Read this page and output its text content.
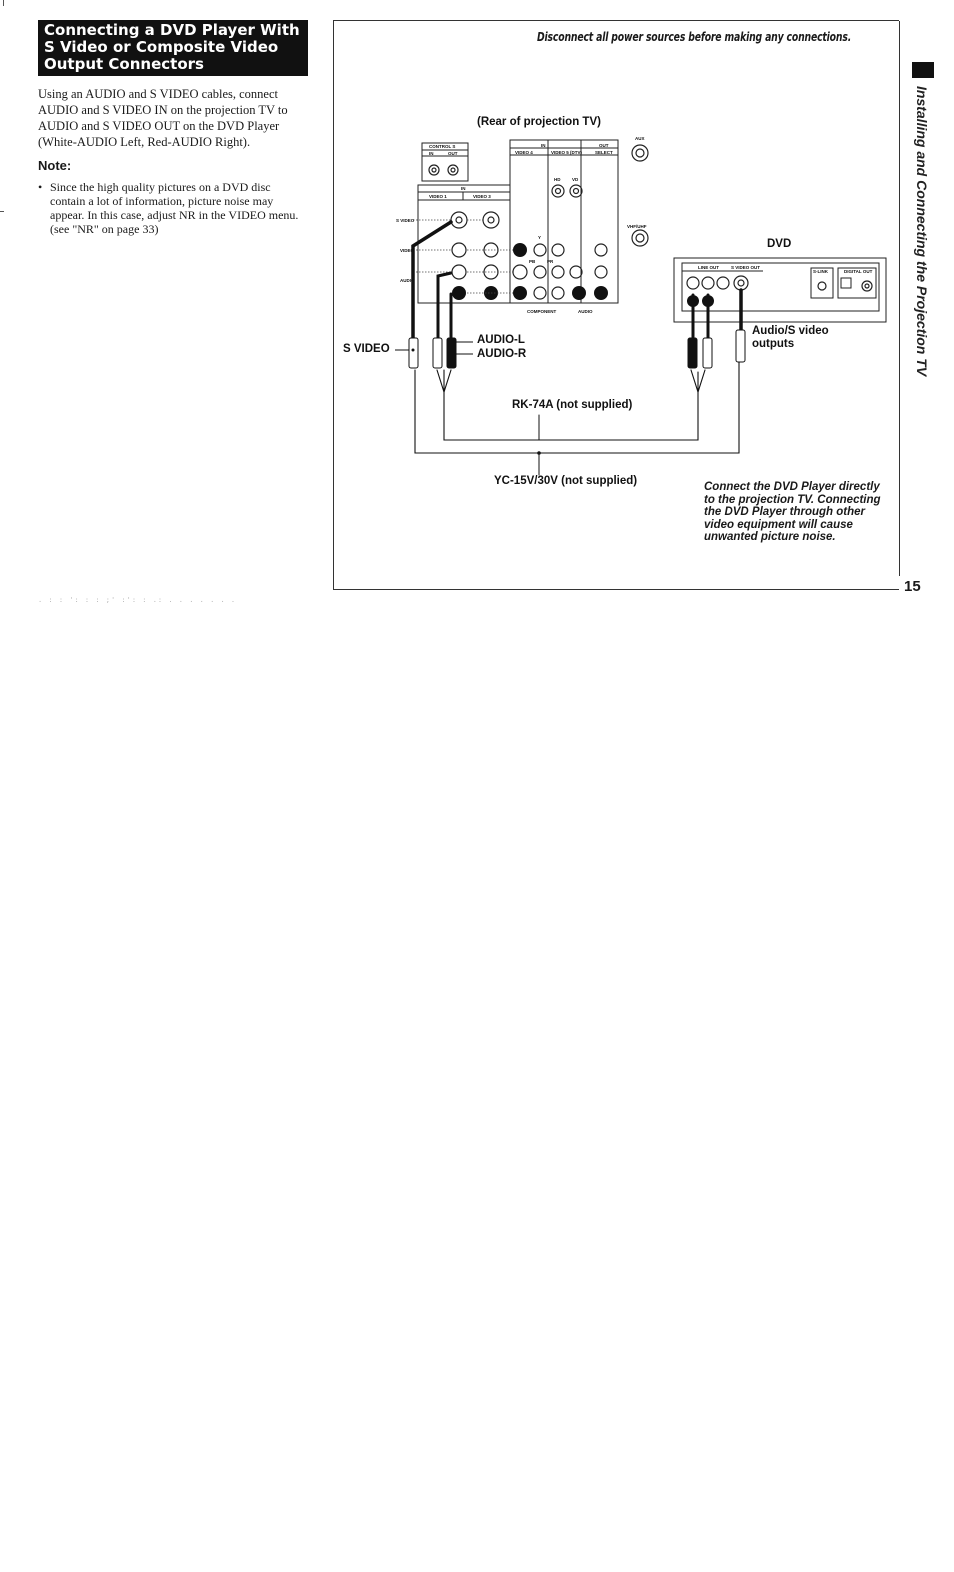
Connecting a DVD Player With
S Video or Composite Video
Output Connectors
Using an AUDIO and S VIDEO cables, connect
AUDIO and S VIDEO IN on the projection TV to
AUDIO and S VIDEO OUT on the DVD Player
(White-AUDIO Left, Red-AUDIO Right).
Note:
• Since the high quality pictures on a DVD disc
contain a lot of information, picture noise may
appear. In this case, adjust NR in the VIDEO menu.
(see "NR" on page 33)
Disconnect all power sources before making any connections.
CONTROL S
IN	OUT
IN	OUT
VIDEO 4	VIDEO 5 (DTV)	SELECT
IN
VIDEO 1	VIDEO 3
S VIDEO
VIDEO
AUDIO
COMPONENT	AUDIO
AUX
VHF/UHF
HD	VD
Y
PB	PR
LINE OUT	S VIDEO OUT
S-LINK	DIGITAL OUT
(Rear of projection TV)
DVD
S VIDEO
AUDIO-L
AUDIO-R
Audio/S video
outputs
RK-74A (not supplied)
YC-15V/30V (not supplied)	Connect the DVD Player directly
to the projection TV. Connecting
the DVD Player through other
video equipment will cause
unwanted picture noise.
15
Installing and Connecting the Projection TV
. : : ': : : ;' :': : .: . . . . . . .
